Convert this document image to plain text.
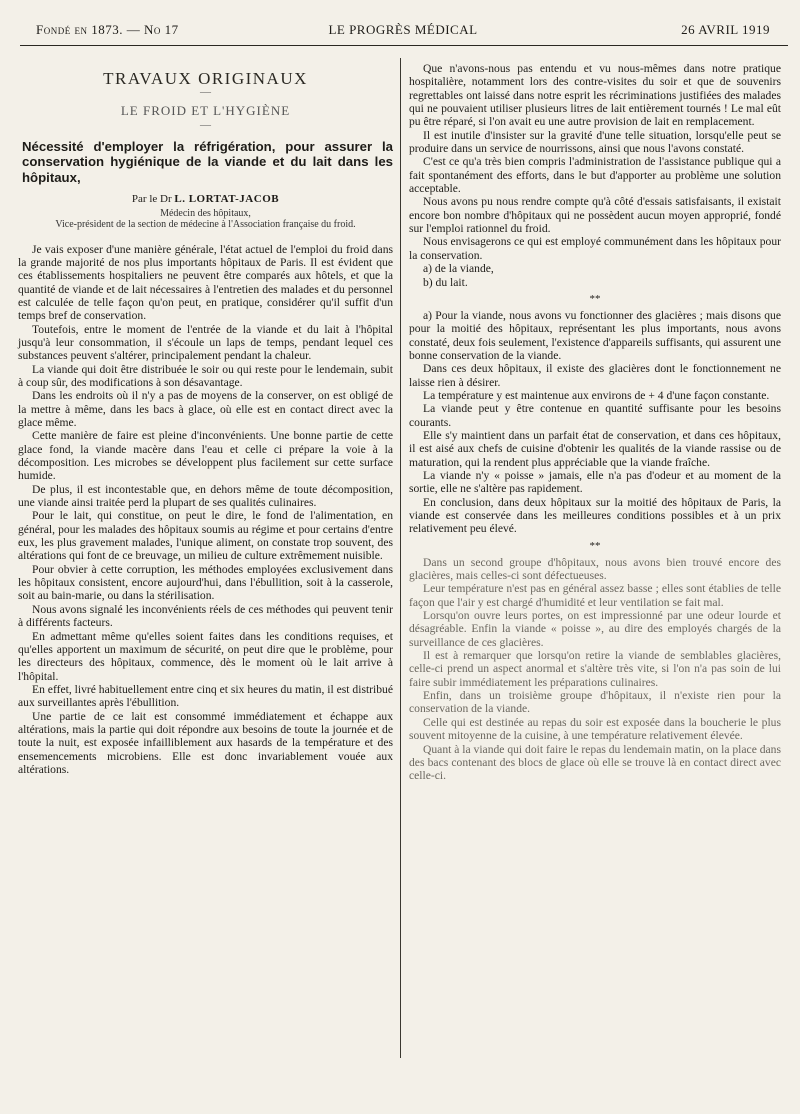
Fondé en 1873. — No 17	LE PROGRÈS MÉDICAL	26 AVRIL 1919
TRAVAUX ORIGINAUX
—
LE FROID ET L'HYGIÈNE
—
Nécessité d'employer la réfrigération, pour assurer la conservation hygiénique de la viande et du lait dans les hôpitaux,
Par le Dr L. LORTAT-JACOB
Médecin des hôpitaux,
Vice-président de la section de médecine à l'Association française du froid.

Je vais exposer d'une manière générale, l'état actuel de l'emploi du froid dans la grande majorité de nos plus importants hôpitaux de Paris. Il est évident que ces établissements hospitaliers ne peuvent être comparés aux hôtels, et que la quantité de viande et de lait nécessaires à l'entretien des malades et du personnel est calculée de telle façon qu'on peut, en pratique, considérer qu'il suffit d'un temps bref de conservation.

Toutefois, entre le moment de l'entrée de la viande et du lait à l'hôpital jusqu'à leur consommation, il s'écoule un laps de temps, pendant lequel ces substances peuvent s'altérer, principalement pendant la chaleur.

La viande qui doit être distribuée le soir ou qui reste pour le lendemain, subit à coup sûr, des modifications à son désavantage.

Dans les endroits où il n'y a pas de moyens de la conserver, on est obligé de la mettre à même, dans les bacs à glace, où elle est en contact direct avec la glace même.

Cette manière de faire est pleine d'inconvénients. Une bonne partie de cette glace fond, la viande macère dans l'eau et celle ci prépare la voie à la décomposition. Les microbes se développent plus facilement sur cette surface humide.

De plus, il est incontestable que, en dehors même de toute décomposition, une viande ainsi traitée perd la plupart de ses qualités culinaires.

Pour le lait, qui constitue, on peut le dire, le fond de l'alimentation, en général, pour les malades des hôpitaux soumis au régime et pour certains d'entre eux, les plus gravement malades, l'unique aliment, on constate trop souvent, des altérations qui font de ce breuvage, un milieu de culture extrêmement nuisible.

Pour obvier à cette corruption, les méthodes employées exclusivement dans les hôpitaux consistent, encore aujourd'hui, dans l'ébullition, soit à la casserole, soit au bain-marie, ou dans la stérilisation.

Nous avons signalé les inconvénients réels de ces méthodes qui peuvent tenir à différents facteurs.

En admettant même qu'elles soient faites dans les conditions requises, et qu'elles apportent un maximum de sécurité, on peut dire que le problème, pour les directeurs des hôpitaux, commence, dès le moment où le lait arrive à l'hôpital.

En effet, livré habituellement entre cinq et six heures du matin, il est distribué aux surveillantes après l'ébullition.

Une partie de ce lait est consommé immédiatement et échappe aux altérations, mais la partie qui doit répondre aux besoins de toute la journée et de toute la nuit, est exposée infailliblement aux hasards de la température et des ensemencements microbiens. Elle est donc invariablement vouée aux altérations.

Que n'avons-nous pas entendu et vu nous-mêmes dans notre pratique hospitalière, notamment lors des contre-visites du soir et que de souvenirs regrettables ont laissé dans notre esprit les récriminations justifiées des malades qui ne pouvaient utiliser plusieurs litres de lait entièrement tournés ! Le mal eût pu être réparé, si l'on avait eu une autre provision de lait en remplacement.

Il est inutile d'insister sur la gravité d'une telle situation, lorsqu'elle peut se produire dans un service de nourrissons, ainsi que nous l'avons constaté.

C'est ce qu'a très bien compris l'administration de l'assistance publique qui a fait spontanément des efforts, dans le but d'apporter au problème une solution acceptable.

Nous avons pu nous rendre compte qu'à côté d'essais satisfaisants, il existait encore bon nombre d'hôpitaux qui ne possèdent aucun moyen approprié, fondé sur l'emploi rationnel du froid.

Nous envisagerons ce qui est employé communément dans les hôpitaux pour la conservation.

a) de la viande,

b) du lait.

**

a) Pour la viande, nous avons vu fonctionner des glacières ; mais disons que pour la moitié des hôpitaux, représentant les plus importants, nous avons constaté, deux fois seulement, l'existence d'appareils suffisants, qui assurent une bonne conservation de la viande.

Dans ces deux hôpitaux, il existe des glacières dont le fonctionnement ne laisse rien à désirer.

La température y est maintenue aux environs de + 4 d'une façon constante.

La viande peut y être contenue en quantité suffisante pour les besoins courants.

Elle s'y maintient dans un parfait état de conservation, et dans ces hôpitaux, il est aisé aux chefs de cuisine d'obtenir les qualités de la viande rassise ou de maturation, qui la rendent plus appréciable que la viande fraîche.

La viande n'y « poisse » jamais, elle n'a pas d'odeur et au moment de la sortie, elle ne s'altère pas rapidement.

En conclusion, dans deux hôpitaux sur la moitié des hôpitaux de Paris, la viande est conservée dans les meilleures conditions possibles et à un prix relativement peu élevé.

**

Dans un second groupe d'hôpitaux, nous avons bien trouvé encore des glacières, mais celles-ci sont défectueuses.

Leur température n'est pas en général assez basse ; elles sont établies de telle façon que l'air y est chargé d'humidité et leur ventilation se fait mal.

Lorsqu'on ouvre leurs portes, on est impressionné par une odeur lourde et désagréable. Enfin la viande « poisse », au dire des employés chargés de la surveillance de ces glacières.

Il est à remarquer que lorsqu'on retire la viande de semblables glacières, celle-ci prend un aspect anormal et s'altère très vite, si l'on n'a pas soin de lui faire subir immédiatement les préparations culinaires.

Enfin, dans un troisième groupe d'hôpitaux, il n'existe rien pour la conservation de la viande.

Celle qui est destinée au repas du soir est exposée dans la boucherie le plus souvent mitoyenne de la cuisine, à une température relativement élevée.

Quant à la viande qui doit faire le repas du lendemain matin, on la place dans des bacs contenant des blocs de glace où elle se trouve là en contact direct avec celle-ci.
